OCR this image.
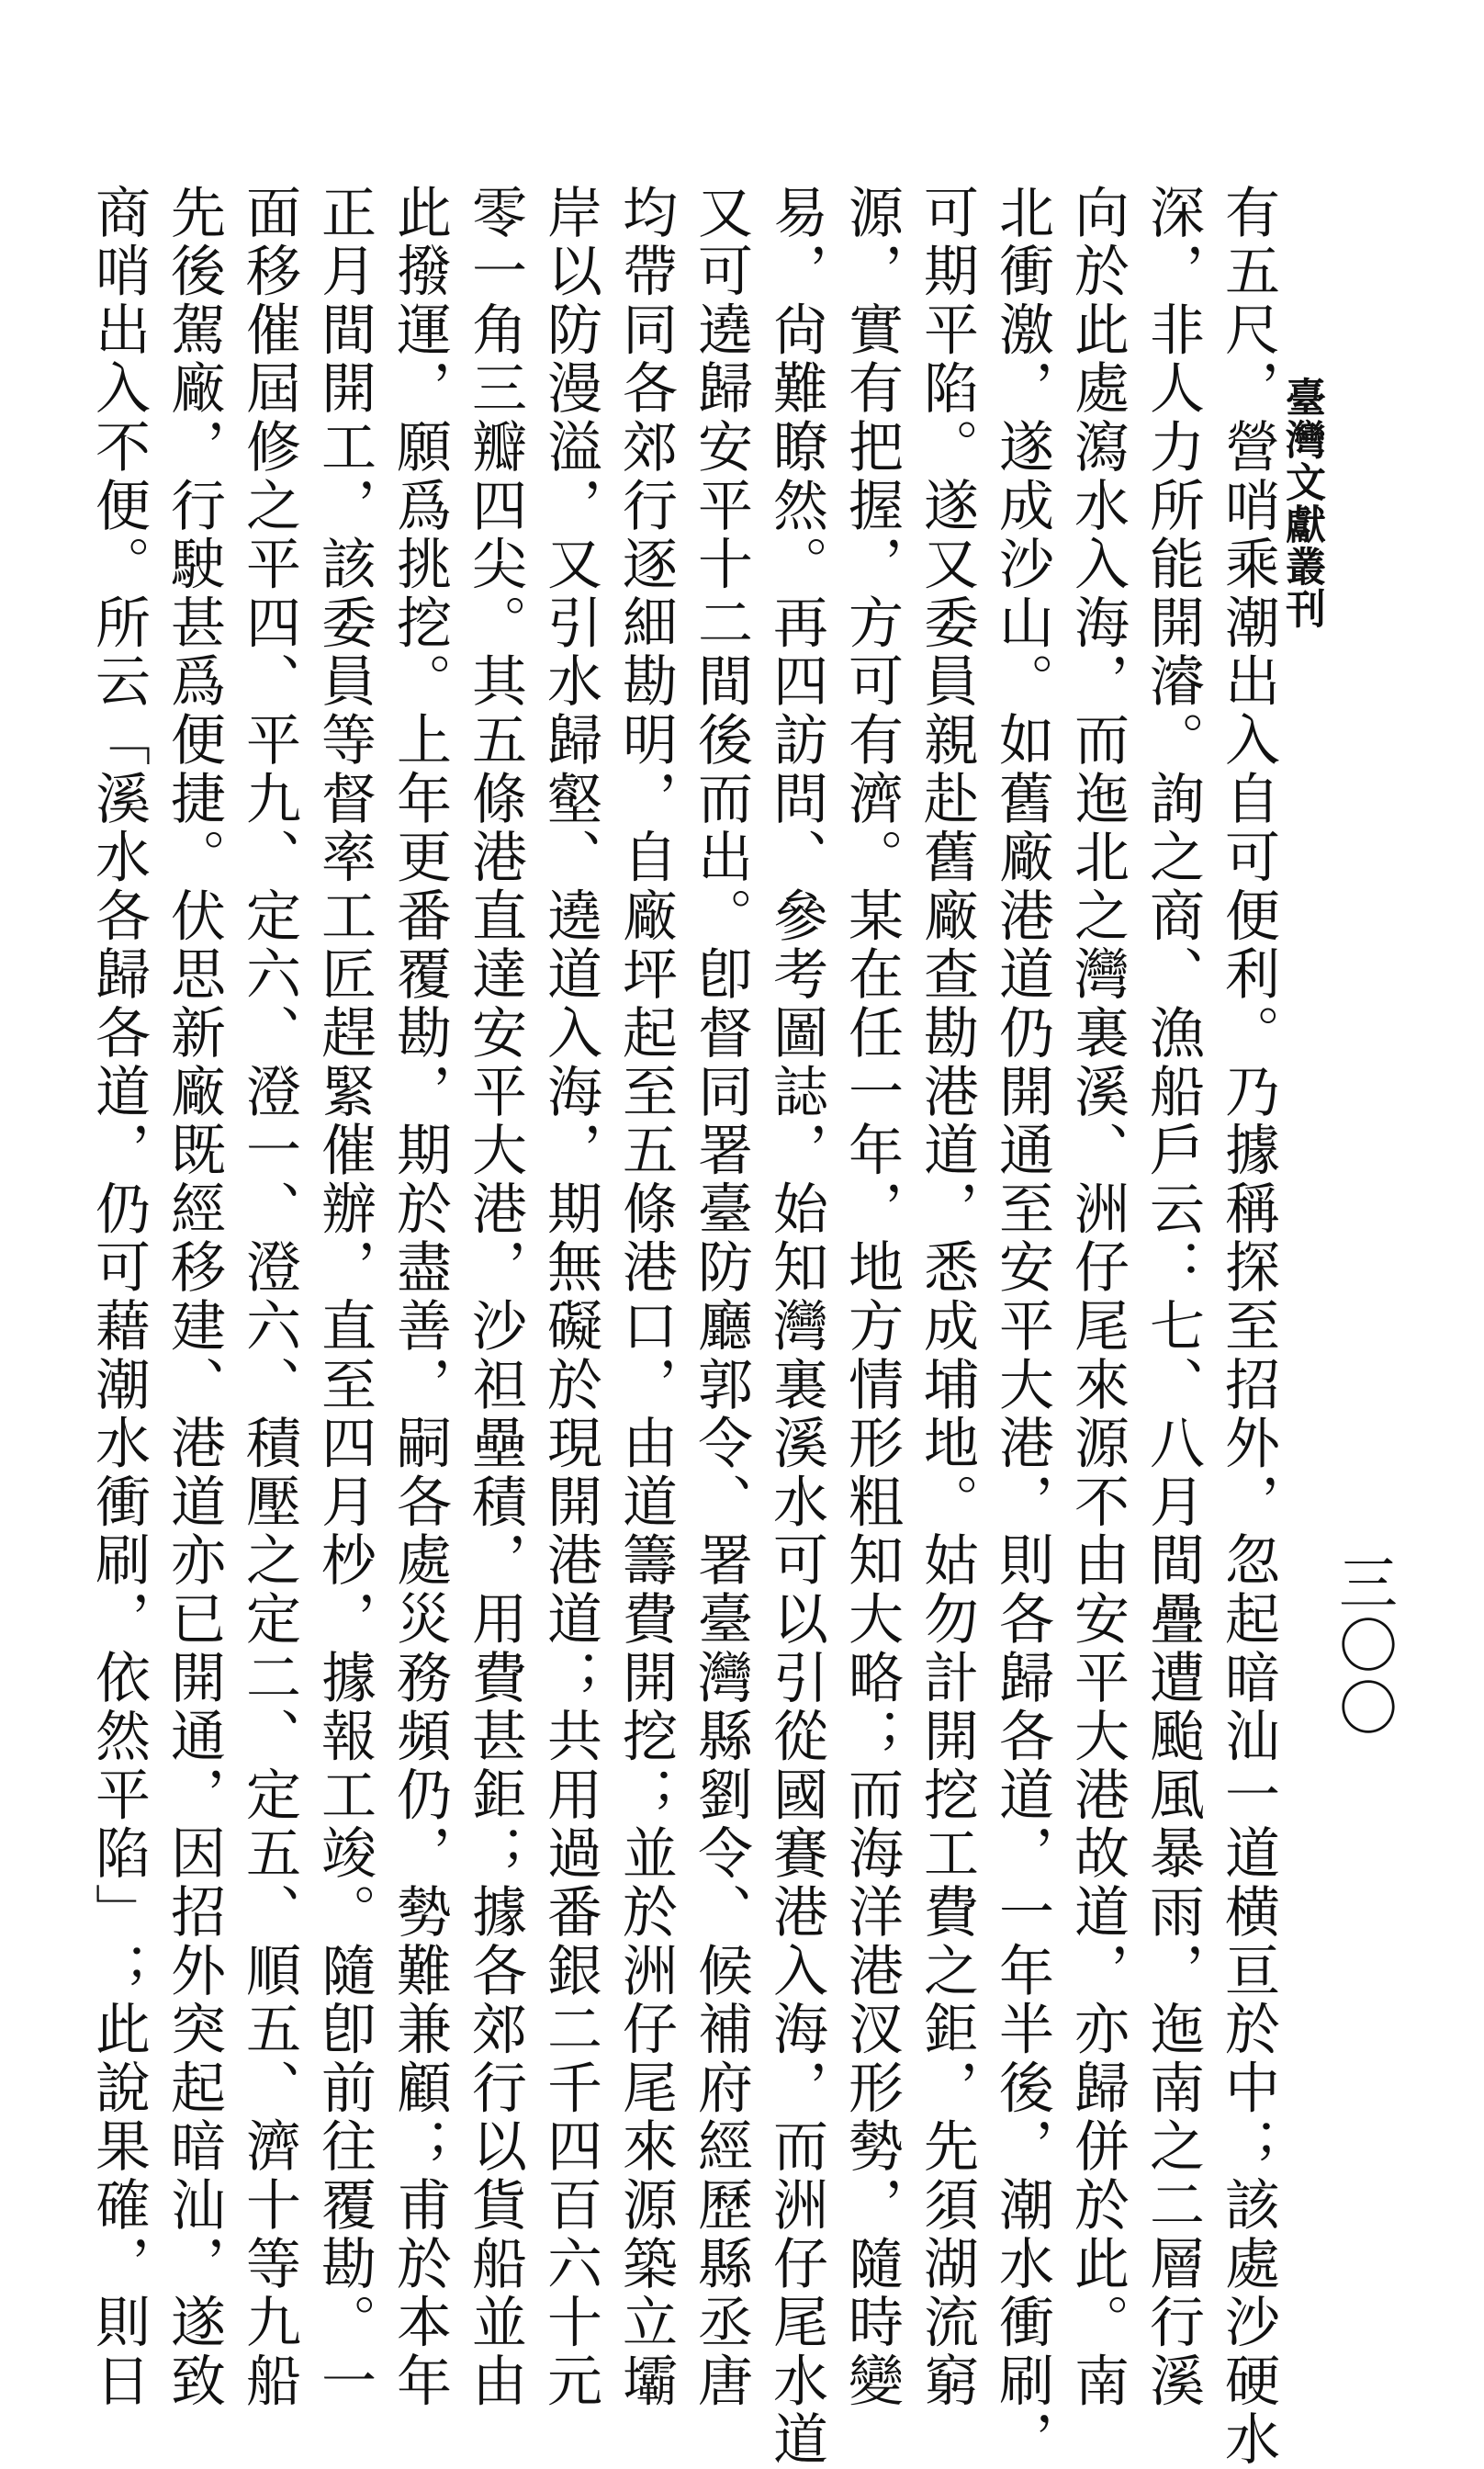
臺灣文獻叢刊
三〇〇
有五尺，營哨乘潮出入自可便利。乃據稱探至招外，忽起暗汕一道横亘於中；該處沙硬水
深，非人力所能開濬。詢之商、漁船戶云：七、八月間疊遭颱風暴雨，迤南之二層行溪
向於此處瀉水入海，而迤北之灣裏溪、洲仔尾來源不由安平大港故道，亦歸併於此。南
北衝激，遂成沙山。如舊廠港道仍開通至安平大港，則各歸各道，一年半後，潮水衝刷，
可期平陷。遂又委員親赴舊廠查勘港道，悉成埔地。姑勿計開挖工費之鉅，先須湖流窮
源，實有把握，方可有濟。某在任一年，地方情形粗知大略；而海洋港汊形勢，隨時變
易，尙難瞭然。再四訪問、參考圖誌，始知灣裏溪水可以引從國賽港入海，而洲仔尾水道
又可遶歸安平十二間後而出。卽督同署臺防廳郭令、署臺灣縣劉令、候補府經歷縣丞唐
均帶同各郊行逐細勘明，自廠坪起至五條港口，由道籌費開挖；並於洲仔尾來源築立壩
岸以防漫溢，又引水歸壑、遶道入海，期無礙於現開港道；共用過番銀二千四百六十元
零一角三瓣四尖。其五條港直達安平大港，沙𥘵壘積，用費甚鉅；據各郊行以貨船並由
此撥運，願爲挑挖。上年更番覆勘，期於盡善，嗣各處災務頻仍，勢難兼顧；甫於本年
正月間開工，該委員等督率工匠趕緊催辦，直至四月杪，據報工竣。隨卽前往覆勘。一
面移催屆修之平四、平九、定六、澄一、澄六、積壓之定二、定五、順五、濟十等九船
先後駕廠，行駛甚爲便捷。伏思新廠既經移建、港道亦已開通，因招外突起暗汕，遂致
商哨出入不便。所云「溪水各歸各道，仍可藉潮水衝刷，依然平陷」；此說果確，則日
